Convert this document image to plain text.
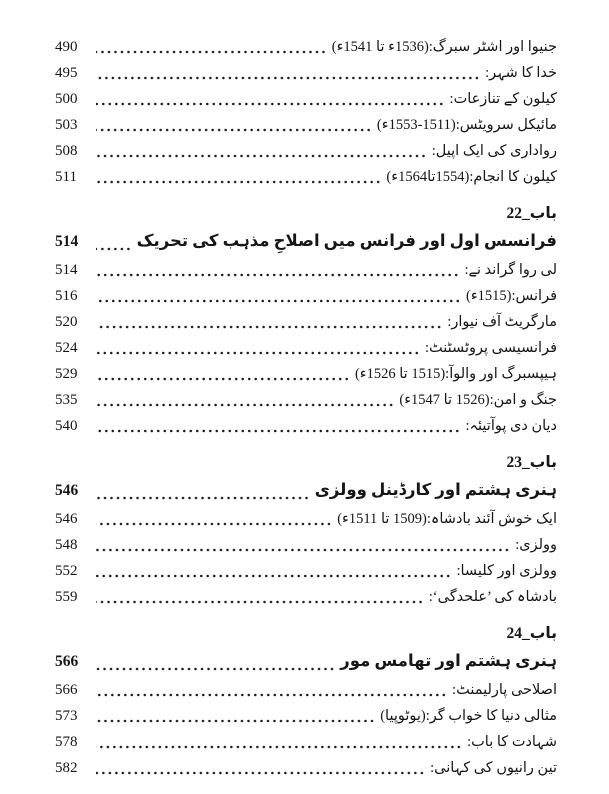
جنیوا اور اشٹر سبرگ:(1536ء تا 1541ء)
490
خدا کا شہر:
495
کیلون کے تنازعات:
500
مائیکل سرویٹس:(1511-‏1553ء)
503
رواداری کی ایک اپیل:
508
کیلون کا انجام:(1554تا1564ء)
511
باب_22
فرانسس اول اور فرانس میں اصلاحِ مذہب کی تحریک
514
لی روا گراند نے:
514
فرانس:(1515ء)
516
مارگریٹ آف نیوار:
520
فرانسیسی پروٹسٹنٹ:
524
ہیپسبرگ اور والوآ:(1515 تا 1526ء)
529
جنگ و امن:(1526 تا 1547ء)
535
دیان دی پوآتیئہ:
540
باب_23
ہنری ہشتم اور کارڈینل وولزی
546
ایک خوش آئند بادشاہ:(1509 تا 1511ء)
546
وولزی:
548
وولزی اور کلیسا:
552
بادشاہ کی ’علحدگی‘:
559
باب_24
ہنری ہشتم اور تھامس مور
566
اصلاحی پارلیمنٹ:
566
مثالی دنیا کا خواب گر:(یوٹوپیا)
573
شہادت کا باب:
578
تین رانیوں کی کہانی:
582
